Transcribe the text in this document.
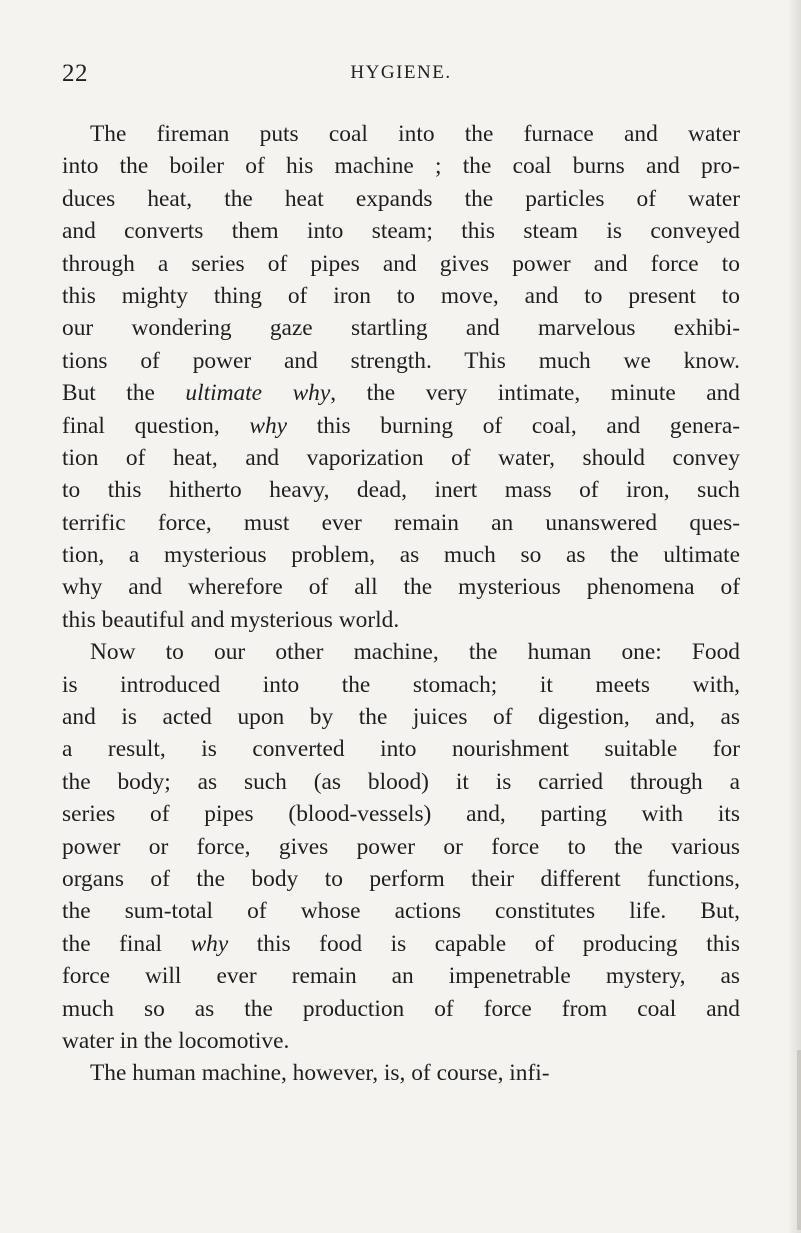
22	HYGIENE.
The fireman puts coal into the furnace and water
into the boiler of his machine ; the coal burns and pro-
duces heat, the heat expands the particles of water
and converts them into steam; this steam is conveyed
through a series of pipes and gives power and force to
this mighty thing of iron to move, and to present to
our wondering gaze startling and marvelous exhibi-
tions of power and strength. This much we know.
But the ultimate why, the very intimate, minute and
final question, why this burning of coal, and genera-
tion of heat, and vaporization of water, should convey
to this hitherto heavy, dead, inert mass of iron, such
terrific force, must ever remain an unanswered ques-
tion, a mysterious problem, as much so as the ultimate
why and wherefore of all the mysterious phenomena of
this beautiful and mysterious world.
Now to our other machine, the human one: Food
is introduced into the stomach; it meets with,
and is acted upon by the juices of digestion, and, as
a result, is converted into nourishment suitable for
the body; as such (as blood) it is carried through a
series of pipes (blood-vessels) and, parting with its
power or force, gives power or force to the various
organs of the body to perform their different functions,
the sum-total of whose actions constitutes life. But,
the final why this food is capable of producing this
force will ever remain an impenetrable mystery, as
much so as the production of force from coal and
water in the locomotive.
The human machine, however, is, of course, infi-
